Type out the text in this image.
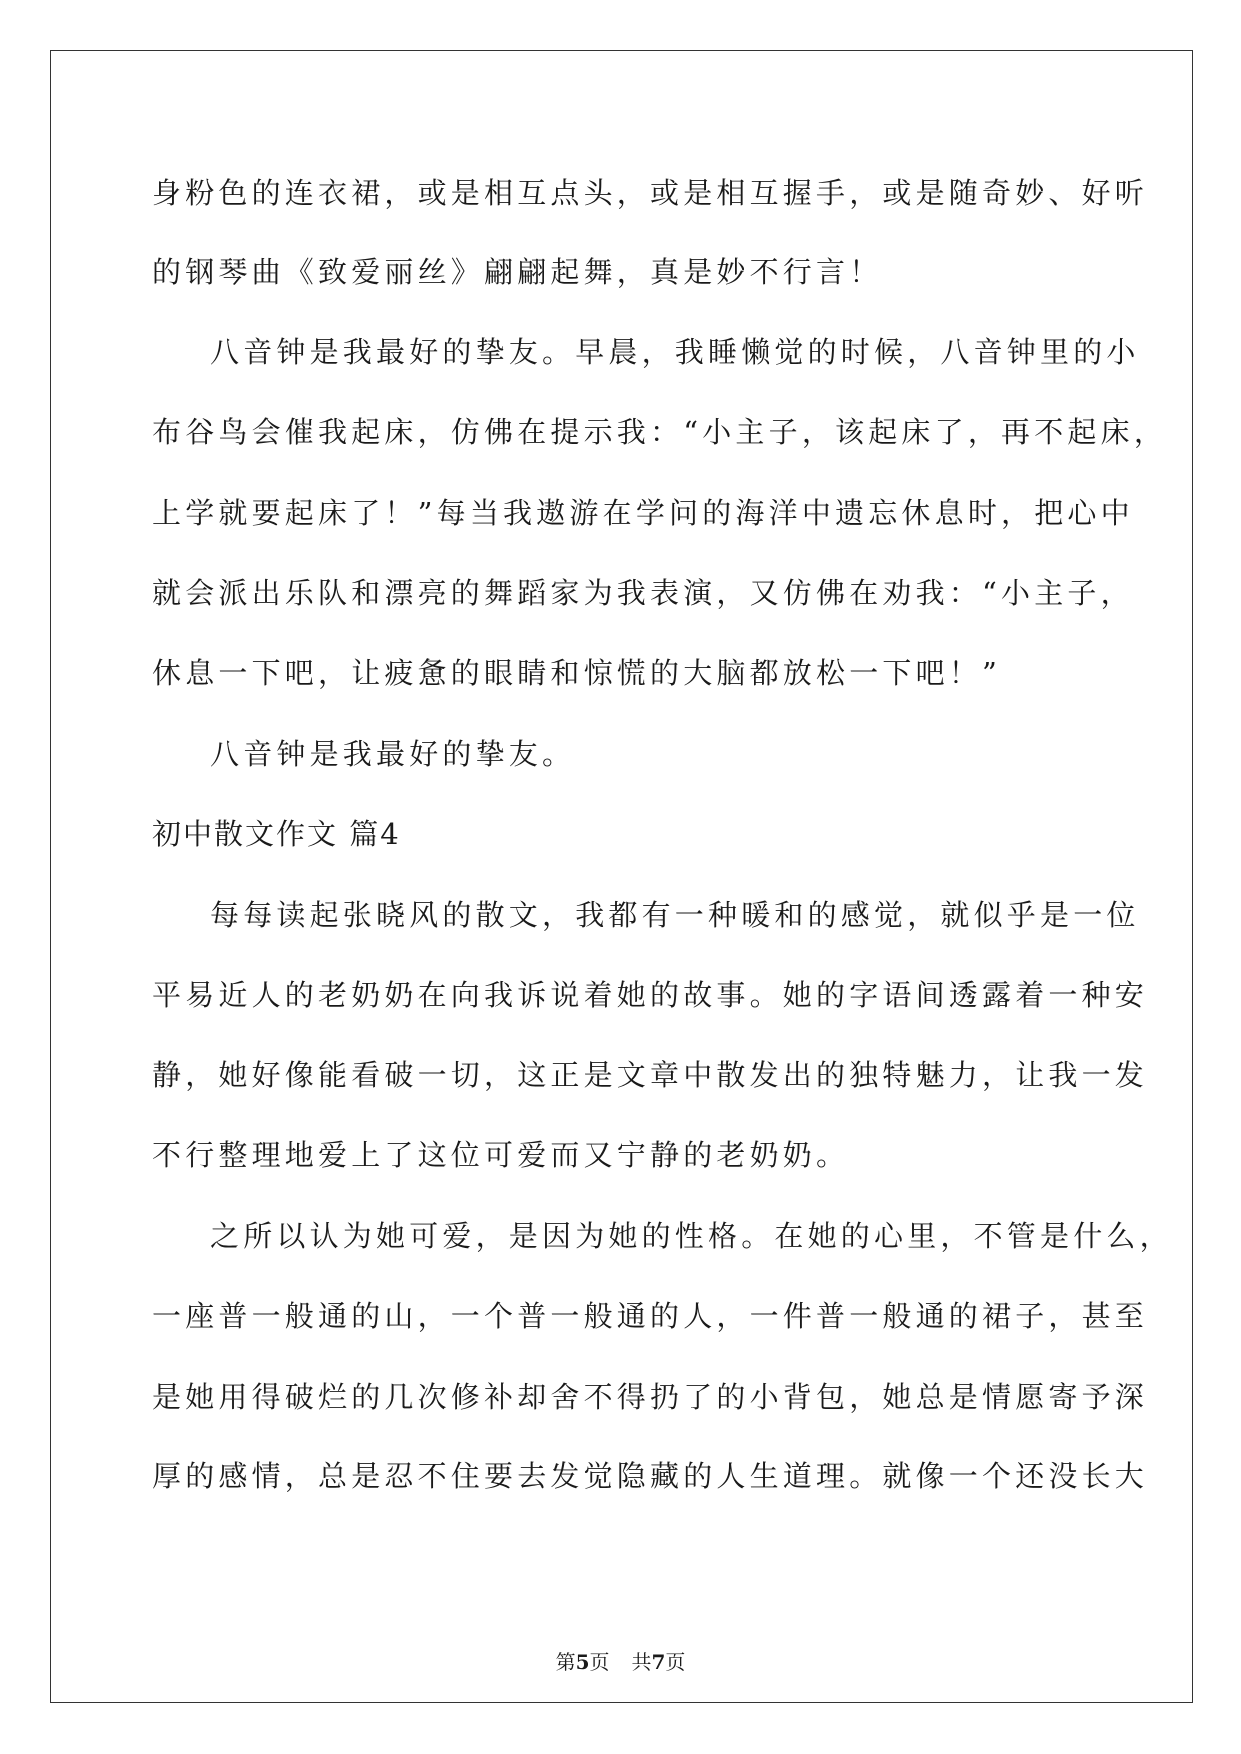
身粉色的连衣裙，或是相互点头，或是相互握手，或是随奇妙、好听
的钢琴曲《致爱丽丝》翩翩起舞，真是妙不行言！
八音钟是我最好的挚友。早晨，我睡懒觉的时候，八音钟里的小
布谷鸟会催我起床，仿佛在提示我：“小主子，该起床了，再不起床，
上学就要起床了！”每当我遨游在学问的海洋中遗忘休息时，把心中
就会派出乐队和漂亮的舞蹈家为我表演，又仿佛在劝我：“小主子，
休息一下吧，让疲惫的眼睛和惊慌的大脑都放松一下吧！”
八音钟是我最好的挚友。
初中散文作文 篇4
每每读起张晓风的散文，我都有一种暖和的感觉，就似乎是一位
平易近人的老奶奶在向我诉说着她的故事。她的字语间透露着一种安
静，她好像能看破一切，这正是文章中散发出的独特魅力，让我一发
不行整理地爱上了这位可爱而又宁静的老奶奶。
之所以认为她可爱，是因为她的性格。在她的心里，不管是什么，
一座普一般通的山，一个普一般通的人，一件普一般通的裙子，甚至
是她用得破烂的几次修补却舍不得扔了的小背包，她总是情愿寄予深
厚的感情，总是忍不住要去发觉隐藏的人生道理。就像一个还没长大
第5页 共7页
